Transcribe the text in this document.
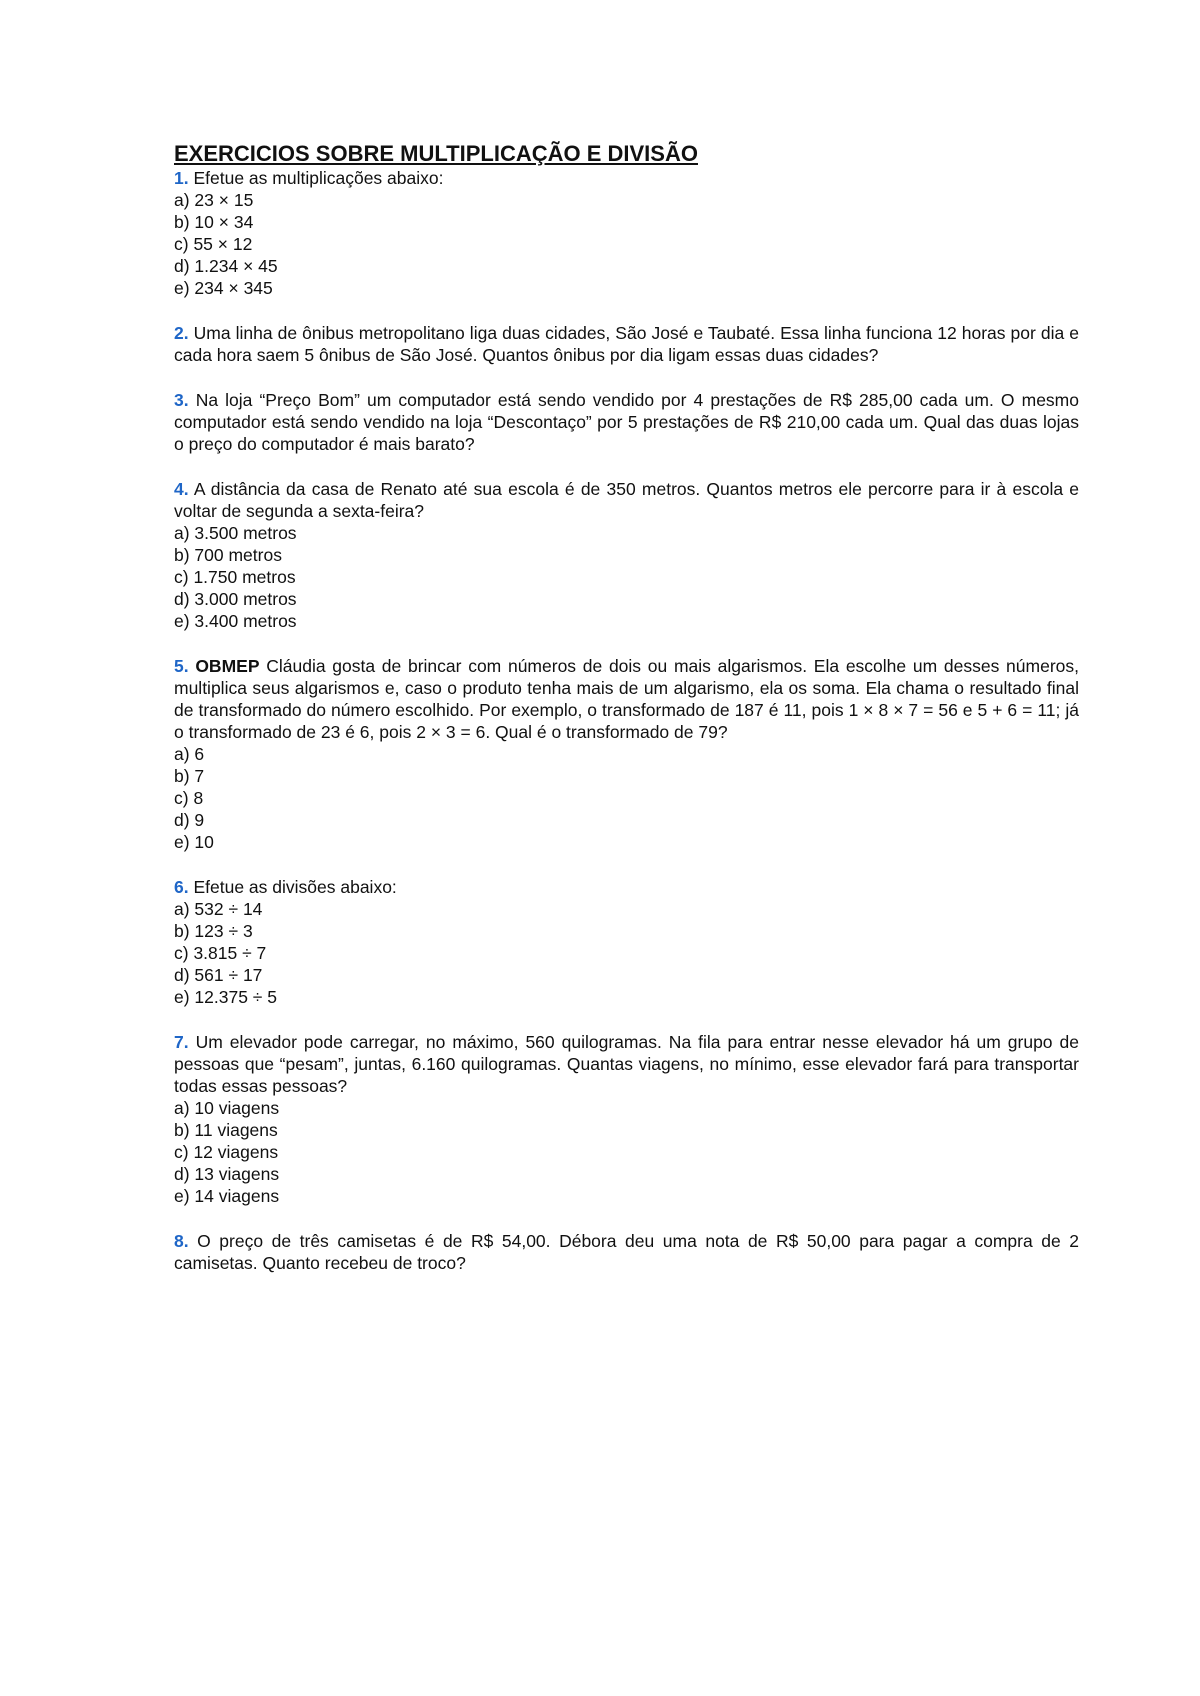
EXERCICIOS SOBRE MULTIPLICAÇÃO E DIVISÃO
1. Efetue as multiplicações abaixo:
a) 23 × 15
b) 10 × 34
c) 55 × 12
d) 1.234 × 45
e) 234 × 345
2. Uma linha de ônibus metropolitano liga duas cidades, São José e Taubaté. Essa linha funciona 12 horas por dia e cada hora saem 5 ônibus de São José. Quantos ônibus por dia ligam essas duas cidades?
3. Na loja “Preço Bom” um computador está sendo vendido por 4 prestações de R$ 285,00 cada um. O mesmo computador está sendo vendido na loja “Descontaço” por 5 prestações de R$ 210,00 cada um. Qual das duas lojas o preço do computador é mais barato?
4. A distância da casa de Renato até sua escola é de 350 metros. Quantos metros ele percorre para ir à escola e voltar de segunda a sexta-feira?
a) 3.500 metros
b) 700 metros
c) 1.750 metros
d) 3.000 metros
e) 3.400 metros
5. OBMEP Cláudia gosta de brincar com números de dois ou mais algarismos. Ela escolhe um desses números, multiplica seus algarismos e, caso o produto tenha mais de um algarismo, ela os soma. Ela chama o resultado final de transformado do número escolhido. Por exemplo, o transformado de 187 é 11, pois 1 × 8 × 7 = 56 e 5 + 6 = 11; já o transformado de 23 é 6, pois 2 × 3 = 6. Qual é o transformado de 79?
a) 6
b) 7
c) 8
d) 9
e) 10
6. Efetue as divisões abaixo:
a) 532 ÷ 14
b) 123 ÷ 3
c) 3.815 ÷ 7
d) 561 ÷ 17
e) 12.375 ÷ 5
7. Um elevador pode carregar, no máximo, 560 quilogramas. Na fila para entrar nesse elevador há um grupo de pessoas que “pesam”, juntas, 6.160 quilogramas. Quantas viagens, no mínimo, esse elevador fará para transportar todas essas pessoas?
a) 10 viagens
b) 11 viagens
c) 12 viagens
d) 13 viagens
e) 14 viagens
8. O preço de três camisetas é de R$ 54,00. Débora deu uma nota de R$ 50,00 para pagar a compra de 2 camisetas. Quanto recebeu de troco?
